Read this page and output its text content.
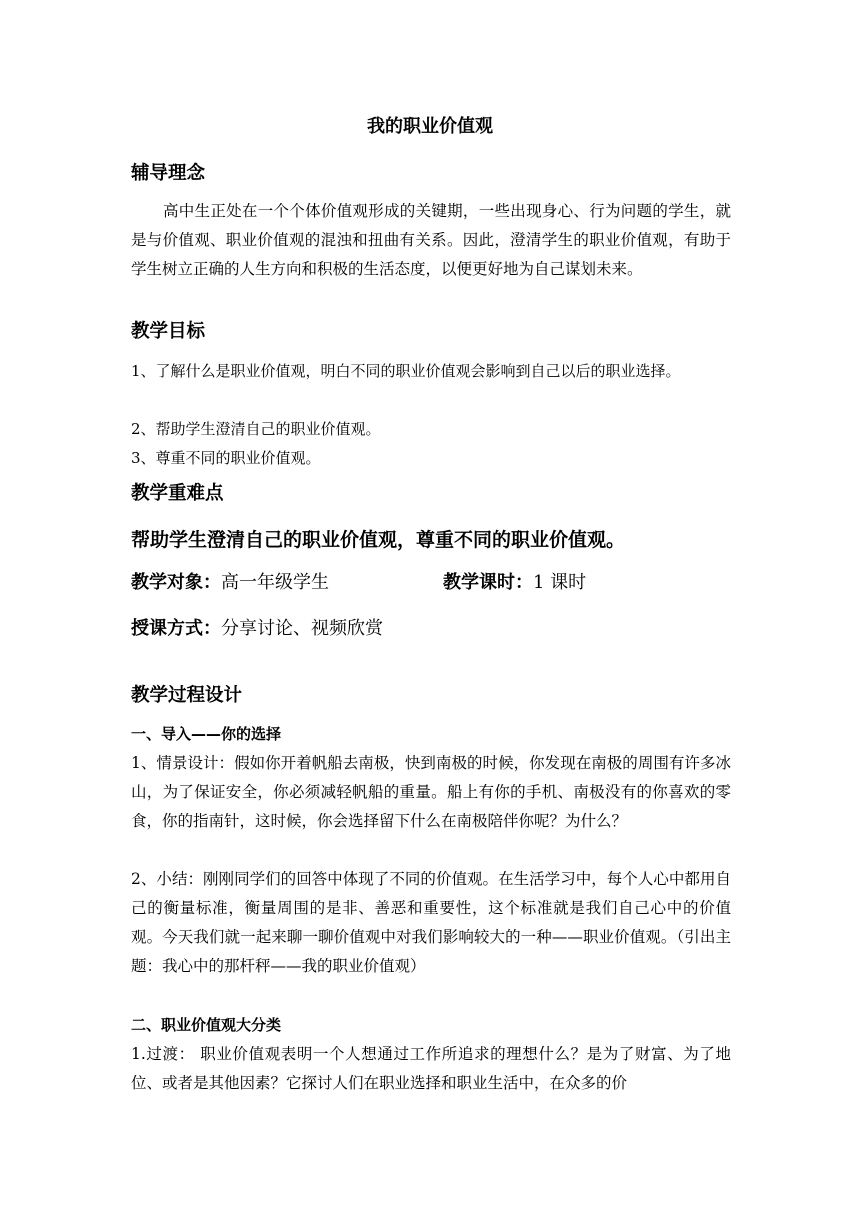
我的职业价值观
辅导理念

高中生正处在一个个体价值观形成的关键期，一些出现身心、行为问题的学生，就是与价值观、职业价值观的混浊和扭曲有关系。因此，澄清学生的职业价值观，有助于学生树立正确的人生方向和积极的生活态度，以便更好地为自己谋划未来。

教学目标

1、了解什么是职业价值观，明白不同的职业价值观会影响到自己以后的职业选择。

2、帮助学生澄清自己的职业价值观。

3、尊重不同的职业价值观。

教学重难点
帮助学生澄清自己的职业价值观，尊重不同的职业价值观。
教学对象：高一年级学生	教学课时：1 课时
授课方式：分享讨论、视频欣赏
教学过程设计
一、导入——你的选择

1、情景设计：假如你开着帆船去南极，快到南极的时候，你发现在南极的周围有许多冰山，为了保证安全，你必须减轻帆船的重量。船上有你的手机、南极没有的你喜欢的零食，你的指南针，这时候，你会选择留下什么在南极陪伴你呢？为什么？

2、小结：刚刚同学们的回答中体现了不同的价值观。在生活学习中，每个人心中都用自己的衡量标准，衡量周围的是非、善恶和重要性，这个标准就是我们自己心中的价值观。今天我们就一起来聊一聊价值观中对我们影响较大的一种——职业价值观。（引出主题：我心中的那杆秤——我的职业价值观）

二、职业价值观大分类

1.过渡： 职业价值观表明一个人想通过工作所追求的理想什么？是为了财富、为了地位、或者是其他因素？它探讨人们在职业选择和职业生活中，在众多的价
